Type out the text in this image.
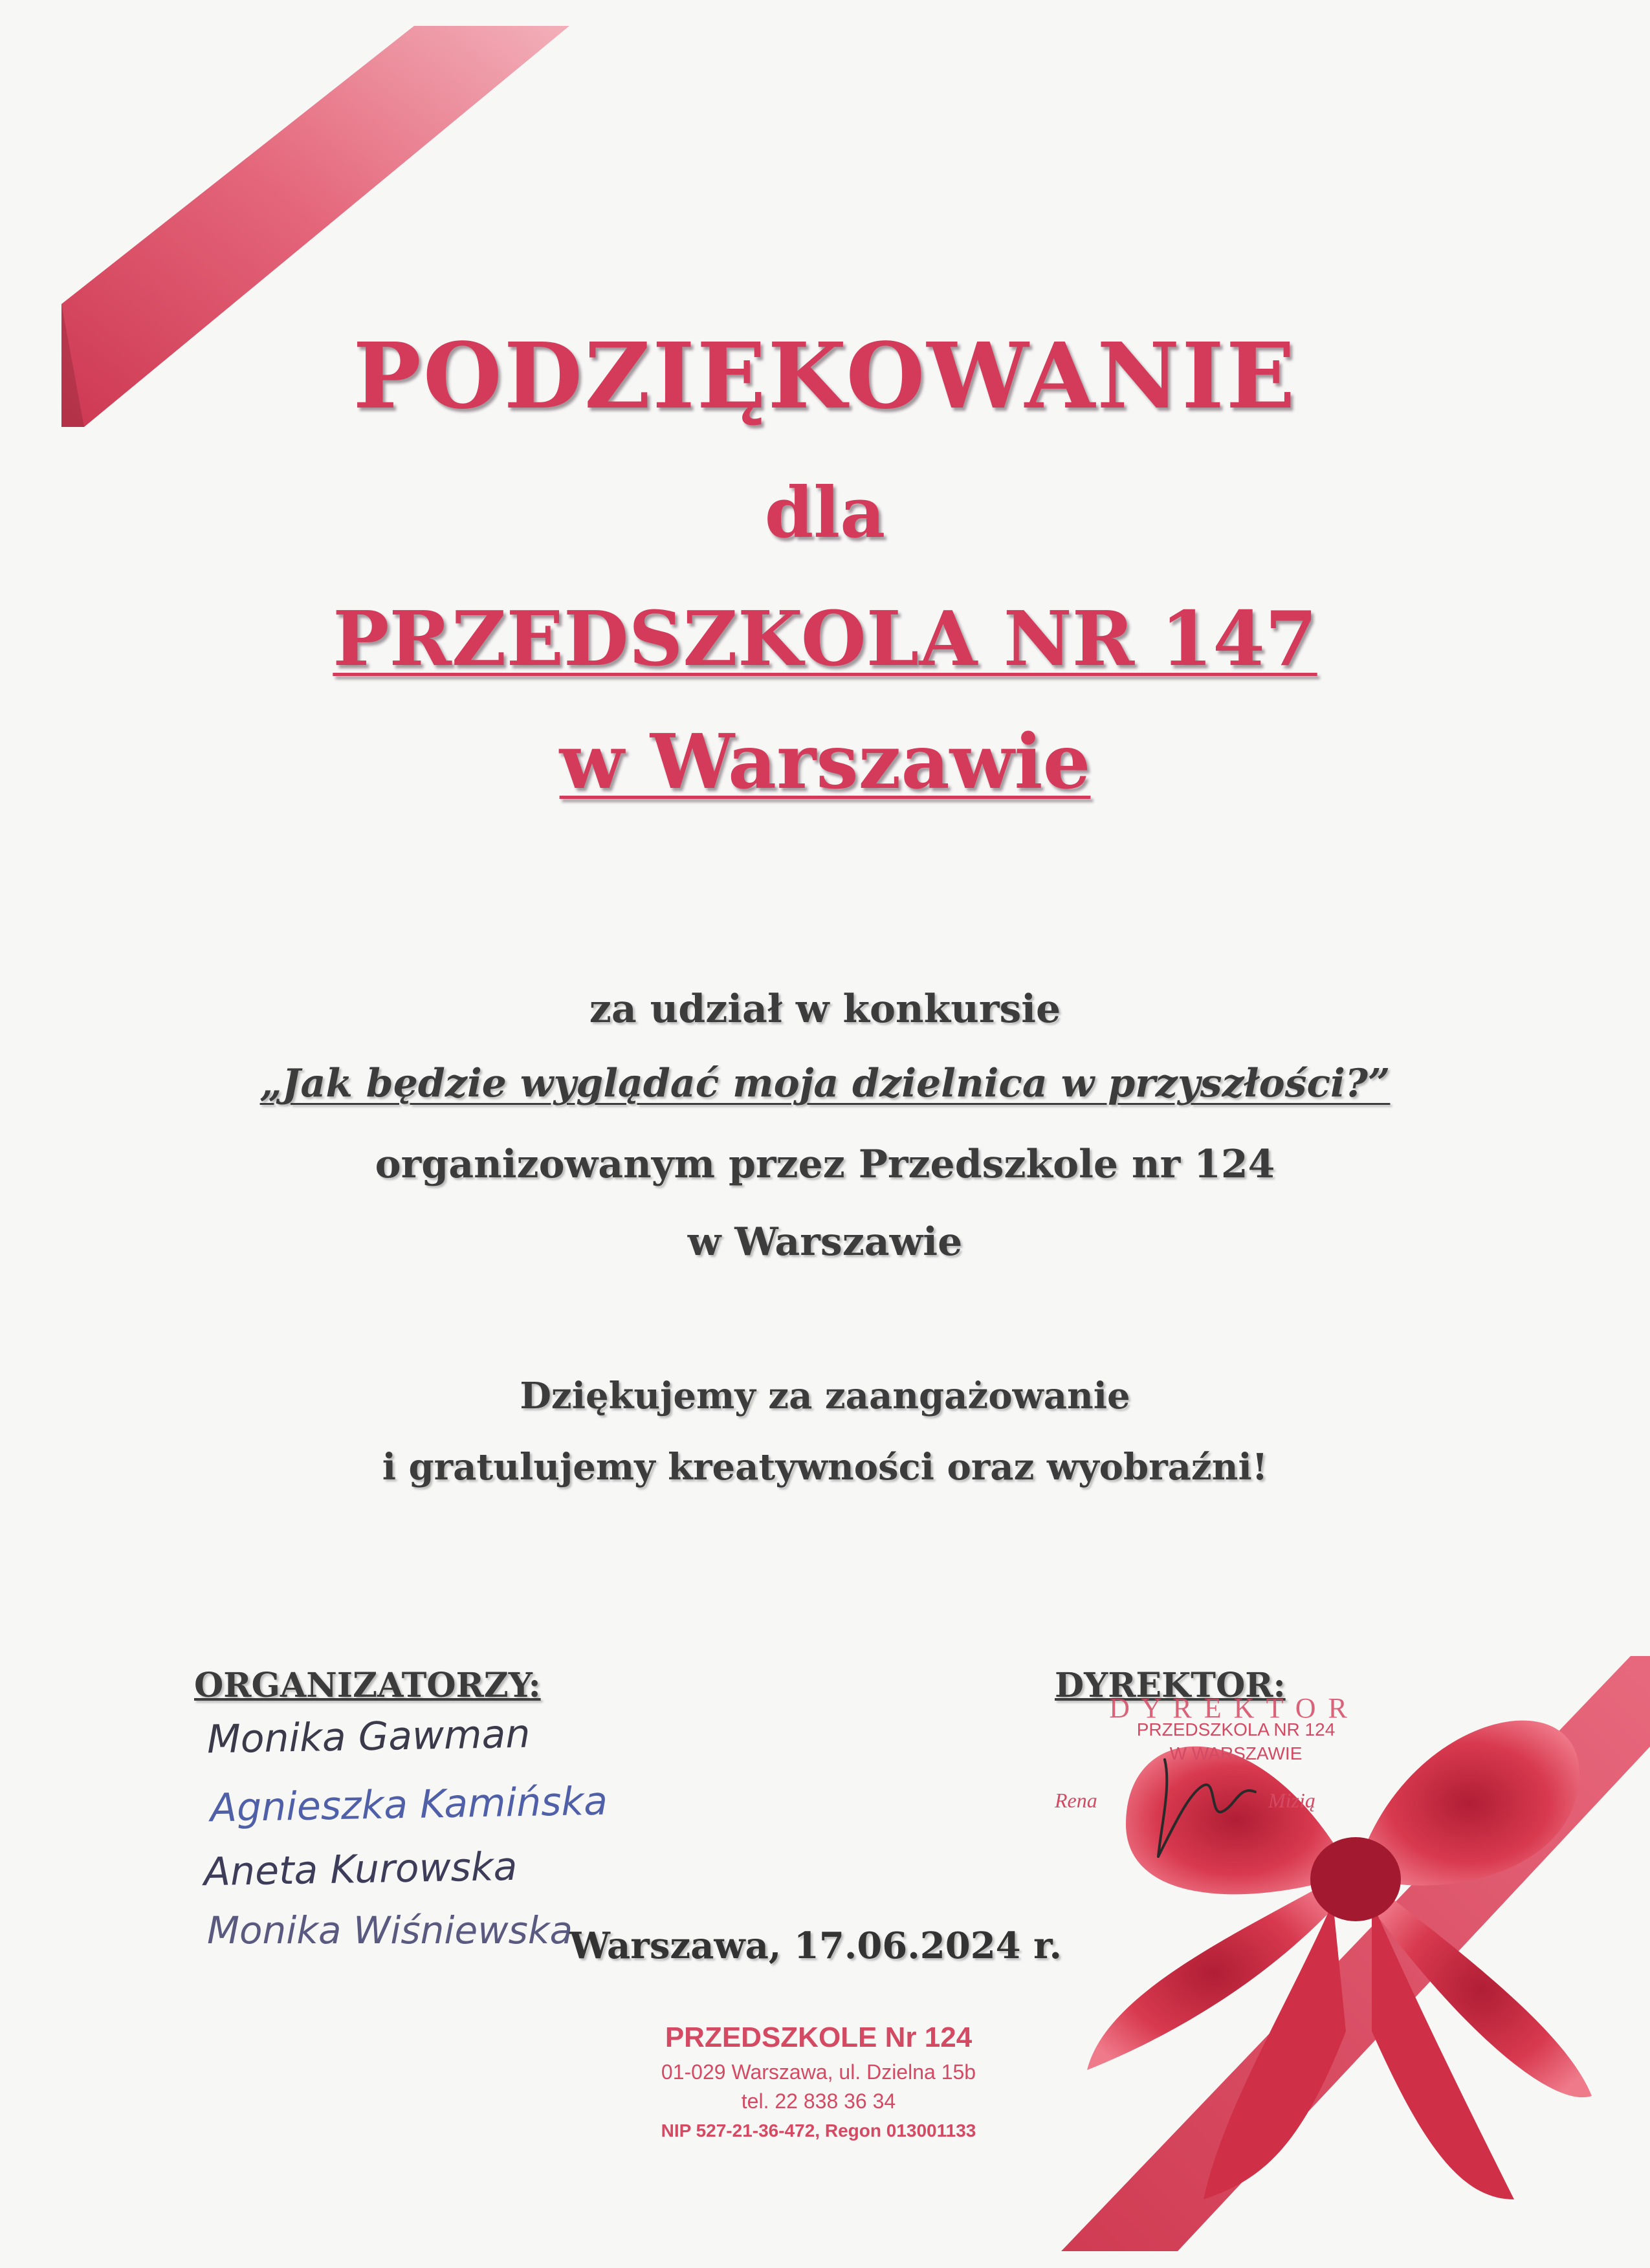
PODZIĘKOWANIE
dla
PRZEDSZKOLA NR 147
w Warszawie
za udział w konkursie
„Jak będzie wyglądać moja dzielnica w przyszłości?”
organizowanym przez Przedszkole nr 124
w Warszawie
Dziękujemy za zaangażowanie
i gratulujemy kreatywności oraz wyobraźni!
ORGANIZATORZY:
Monika Gawman
Agnieszka Kamińska
Aneta Kurowska
Monika Wiśniewska
DYREKTOR:
D Y R E K T O R
PRZEDSZKOLA NR 124
W WARSZAWIE
Rena	Mizią
Warszawa, 17.06.2024 r.
PRZEDSZKOLE Nr 124
01-029 Warszawa, ul. Dzielna 15b
tel. 22 838 36 34
NIP 527-21-36-472, Regon 013001133
